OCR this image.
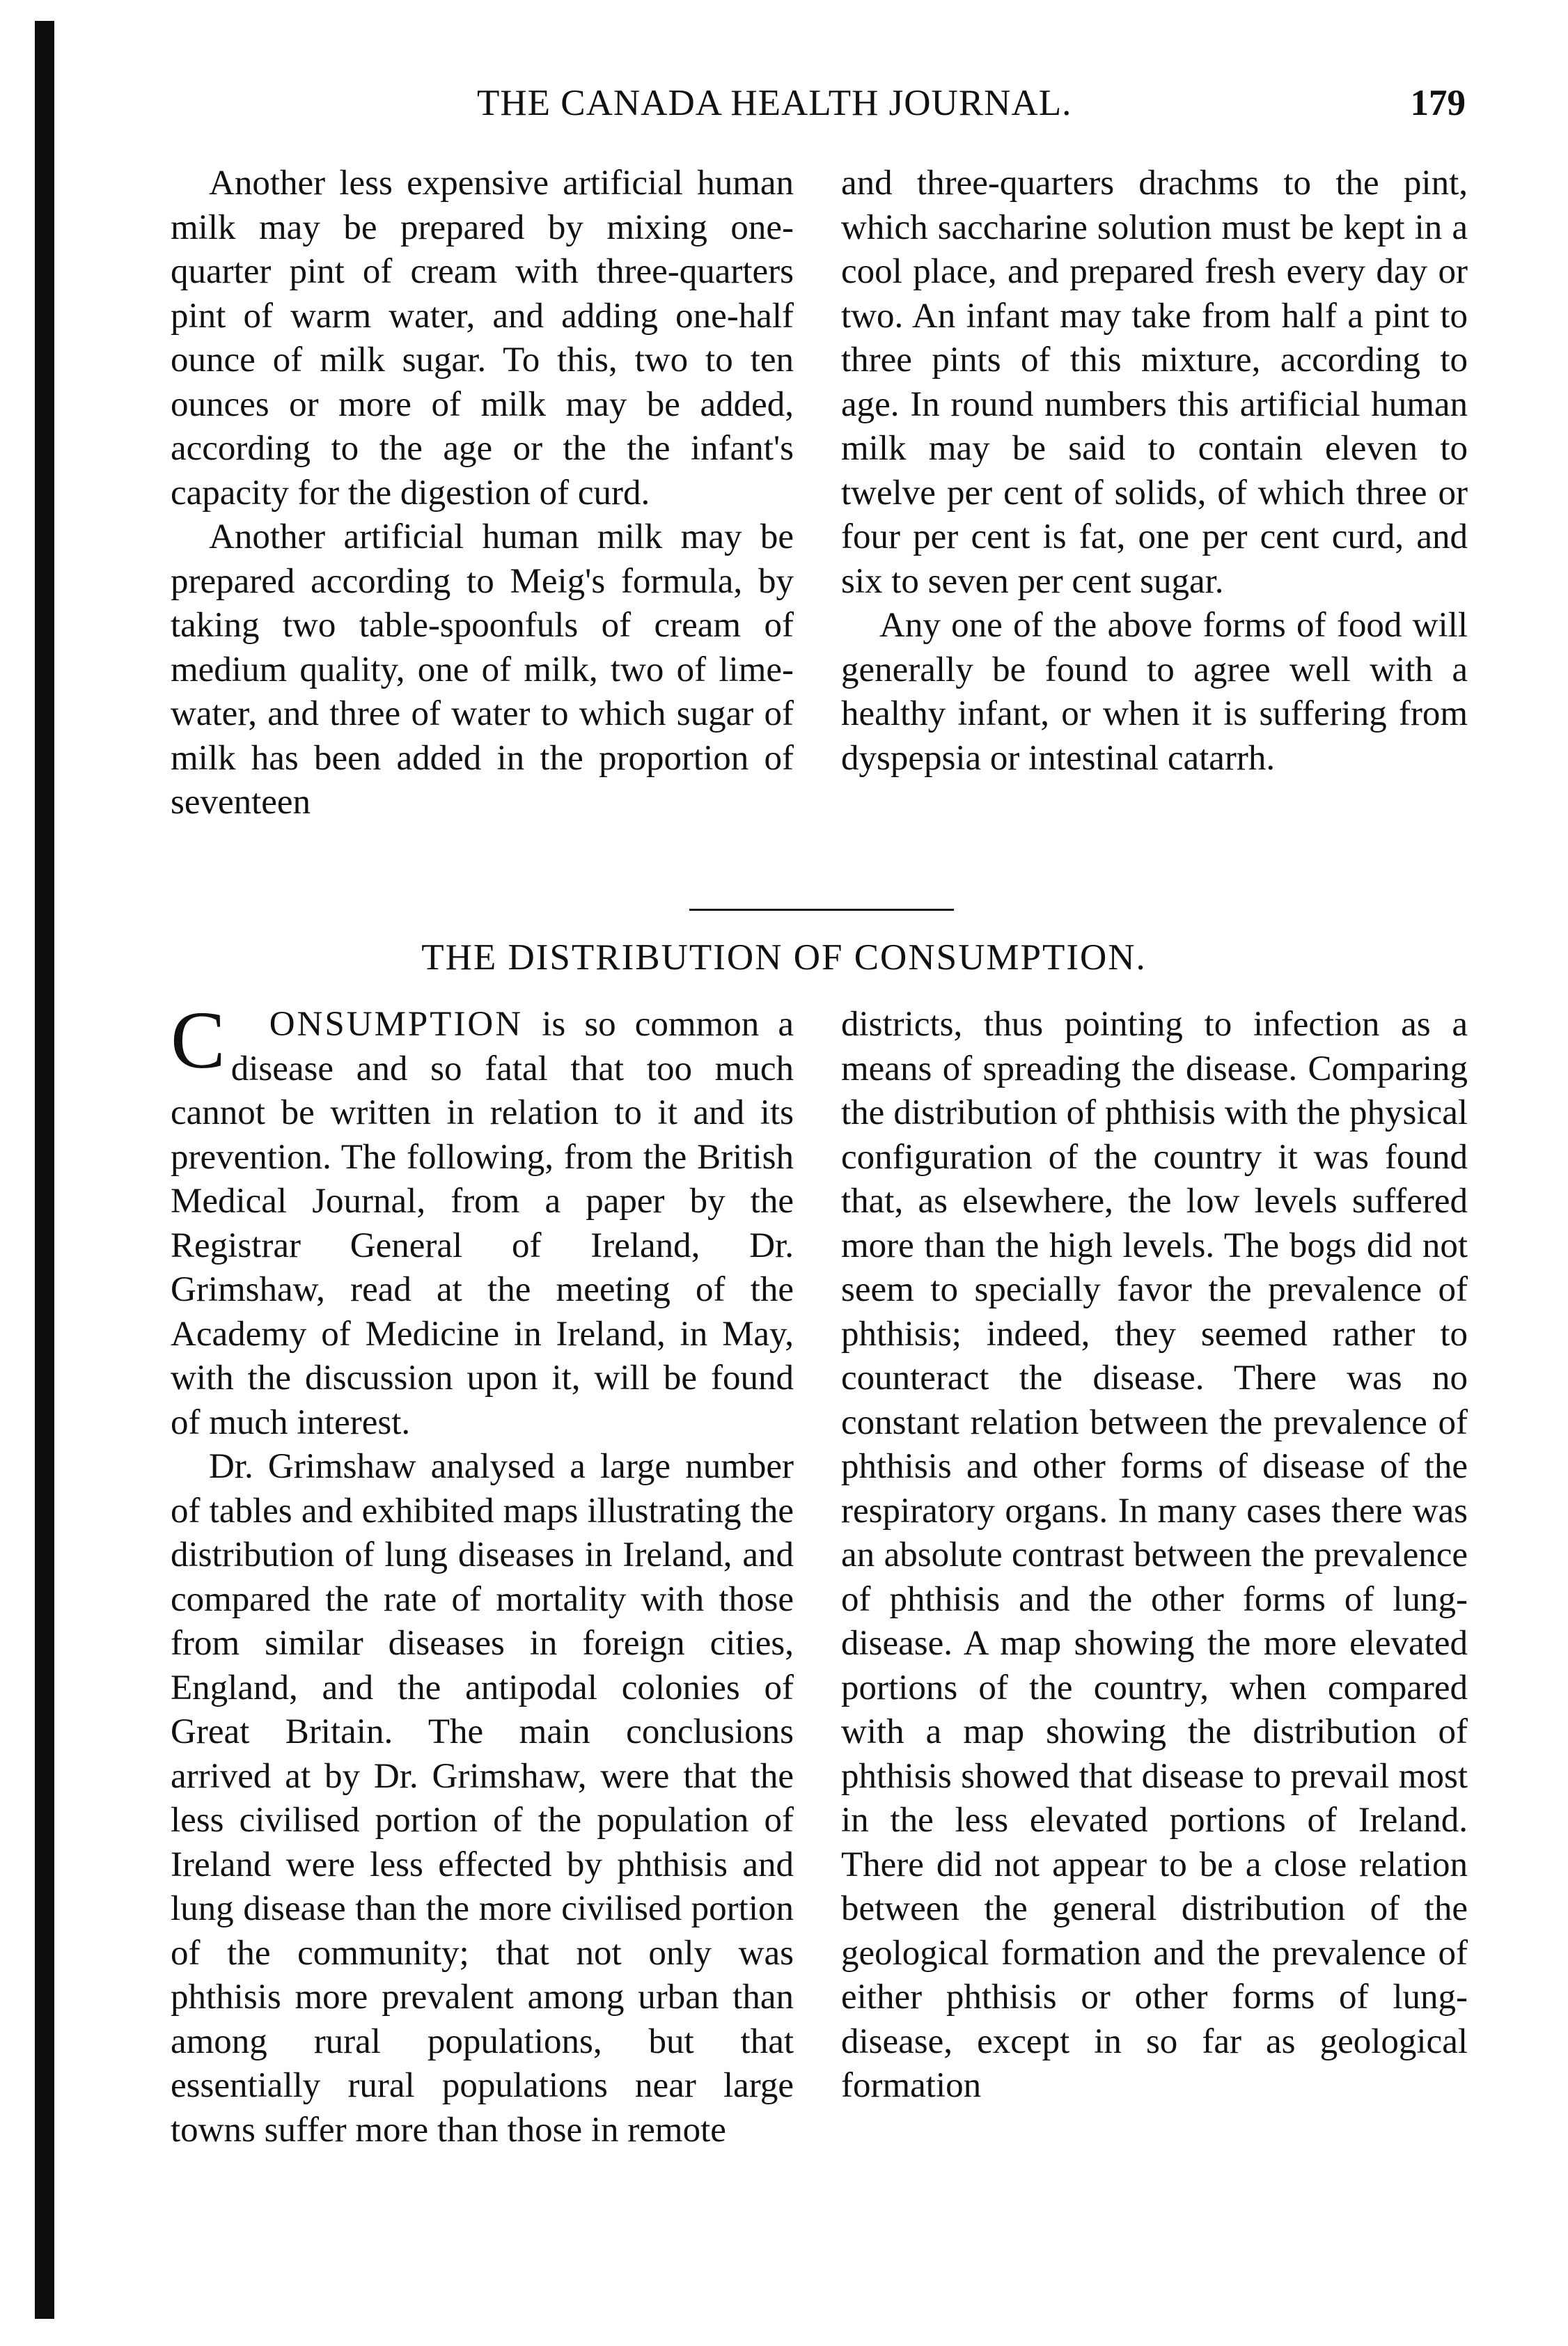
THE CANADA HEALTH JOURNAL.	179

Another less expensive artificial human milk may be prepared by mixing one-quarter pint of cream with three-quarters pint of warm water, and adding one-half ounce of milk sugar. To this, two to ten ounces or more of milk may be added, according to the age or the the infant's capacity for the digestion of curd.

Another artificial human milk may be prepared according to Meig's formula, by taking two table-spoonfuls of cream of medium quality, one of milk, two of lime-water, and three of water to which sugar of milk has been added in the proportion of seventeen

and three-quarters drachms to the pint, which saccharine solution must be kept in a cool place, and prepared fresh every day or two. An infant may take from half a pint to three pints of this mixture, according to age. In round numbers this artificial human milk may be said to contain eleven to twelve per cent of solids, of which three or four per cent is fat, one per cent curd, and six to seven per cent sugar.

Any one of the above forms of food will generally be found to agree well with a healthy infant, or when it is suffering from dyspepsia or intestinal catarrh.

THE DISTRIBUTION OF CONSUMPTION.

C ONSUMPTION is so common a disease and so fatal that too much cannot be written in relation to it and its prevention. The following, from the British Medical Journal, from a paper by the Registrar General of Ireland, Dr. Grimshaw, read at the meeting of the Academy of Medicine in Ireland, in May, with the discussion upon it, will be found of much interest.

Dr. Grimshaw analysed a large number of tables and exhibited maps illustrating the distribution of lung diseases in Ireland, and compared the rate of mortality with those from similar diseases in foreign cities, England, and the antipodal colonies of Great Britain. The main conclusions arrived at by Dr. Grimshaw, were that the less civilised portion of the population of Ireland were less effected by phthisis and lung disease than the more civilised portion of the community; that not only was phthisis more prevalent among urban than among rural populations, but that essentially rural populations near large towns suffer more than those in remote

districts, thus pointing to infection as a means of spreading the disease. Comparing the distribution of phthisis with the physical configuration of the country it was found that, as elsewhere, the low levels suffered more than the high levels. The bogs did not seem to specially favor the prevalence of phthisis; indeed, they seemed rather to counteract the disease. There was no constant relation between the prevalence of phthisis and other forms of disease of the respiratory organs. In many cases there was an absolute contrast between the prevalence of phthisis and the other forms of lung-disease. A map showing the more elevated portions of the country, when compared with a map showing the distribution of phthisis showed that disease to prevail most in the less elevated portions of Ireland. There did not appear to be a close relation between the general distribution of the geological formation and the prevalence of either phthisis or other forms of lung-disease, except in so far as geological formation
